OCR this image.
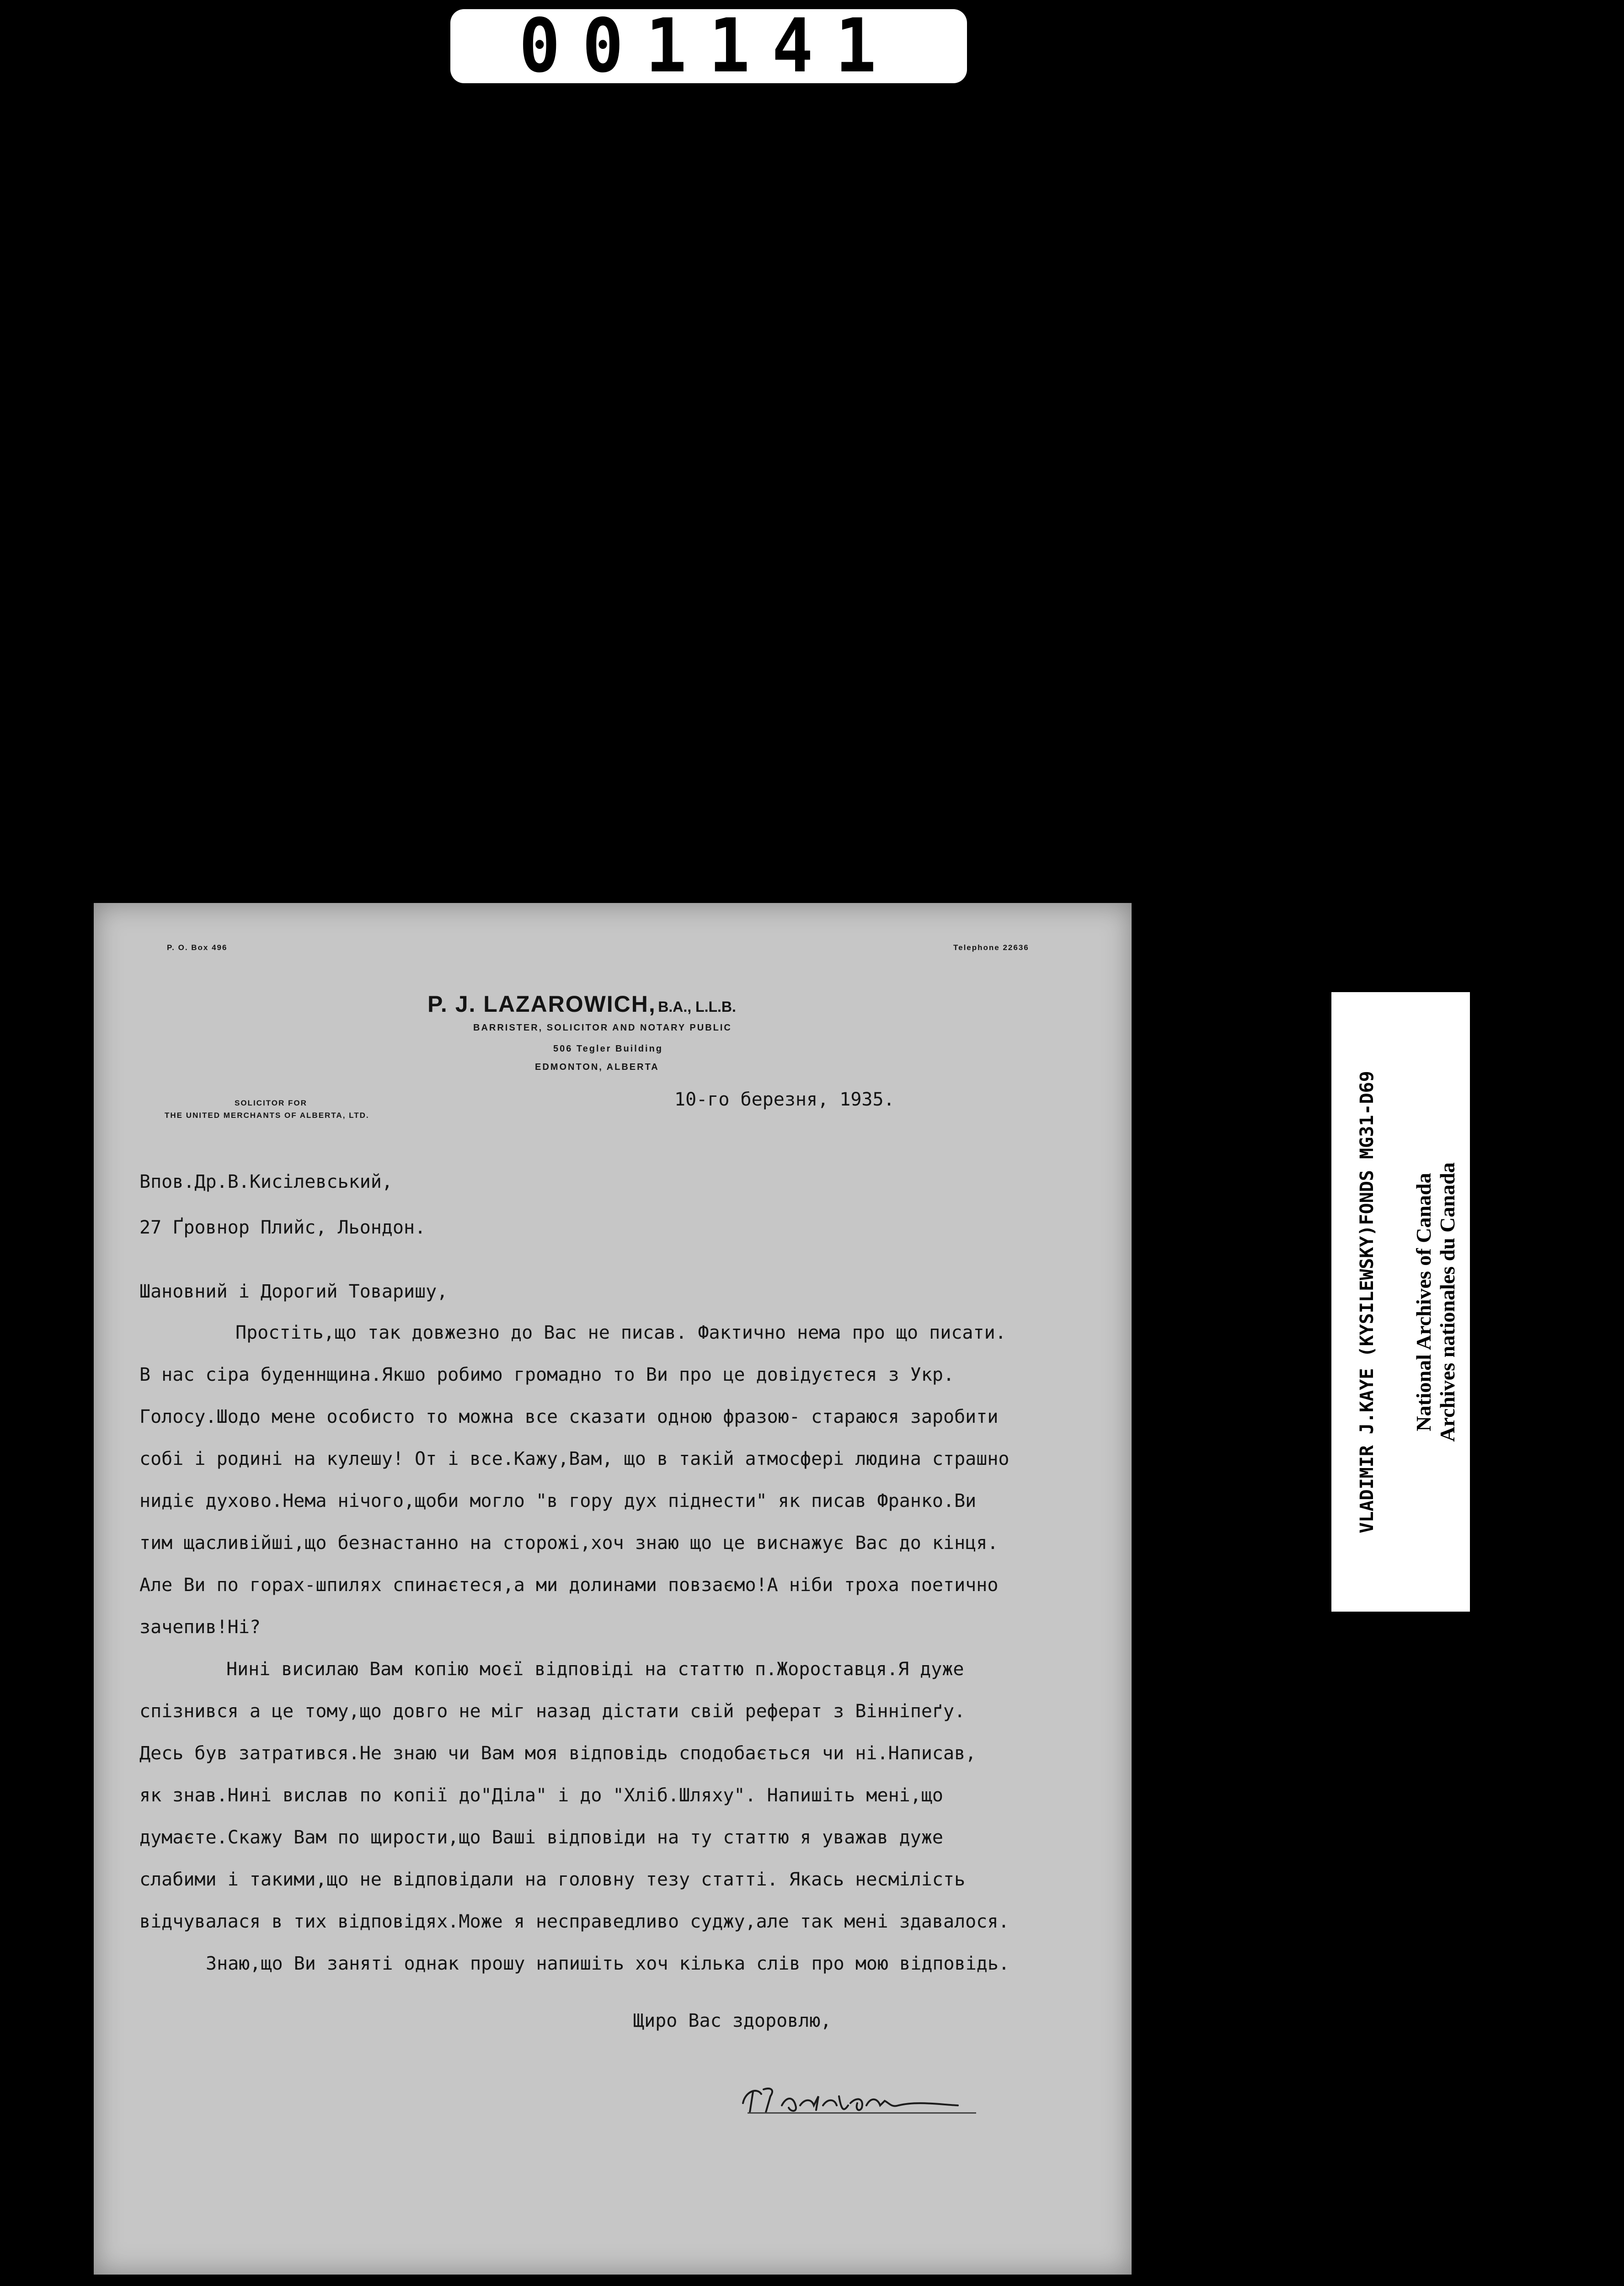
001141
P. O. Box 496	Telephone 22636
P. J. LAZAROWICH, B.A., L.L.B.
BARRISTER, SOLICITOR AND NOTARY PUBLIC
506 Tegler Building
EDMONTON, ALBERTA
SOLICITOR FOR
THE UNITED MERCHANTS OF ALBERTA, LTD.
10-го березня, 1935.
Впов.Др.В.Кисілевський,
27 Ґровнор Плийс, Льондон.
Шановний і Дорогий Товаришу,
Простіть,що так довжезно до Вас не писав. Фактично нема про що писати.
В нас сіра буденнщина.Якшо робимо громадно то Ви про це довідуєтеся з Укр.
Голосу.Шодо мене особисто то можна все сказати одною фразою- стараюся заробити
собі і родині на кулешу! От і все.Кажу,Вам, що в такій атмосфері людина страшно
нидіє духово.Нема нічого,щоби могло "в гору дух піднести" як писав Франко.Ви
тим щасливійші,що безнастанно на сторожі,хоч знаю що це виснажує Вас до кінця.
Але Ви по горах-шпилях спинаєтеся,а ми долинами повзаємо!А ніби троха поетично
зачепив!Ні?
Нині висилаю Вам копію моєї відповіді на статтю п.Жороставця.Я дуже
спізнився а це тому,що довго не міг назад дістати свій реферат з Вінніпеґу.
Десь був затратився.Не знаю чи Вам моя відповідь сподобається чи ні.Написав,
як знав.Нині вислав по копії до"Діла" і до "Хліб.Шляху". Напишіть мені,що
думаєте.Скажу Вам по щирости,що Ваші відповіди на ту статтю я уважав дуже
слабими і такими,що не відповідали на головну тезу статті. Якась несмілість
відчувалася в тих відповідях.Може я несправедливо суджу,але так мені здавалося.
Знаю,що Ви заняті однак прошу напишіть хоч кілька слів про мою відповідь.
Щиро Вас здоровлю,
VLADIMIR J.KAYE (KYSILEWSKY)FONDS MG31-D69 National Archives of Canada Archives nationales du Canada
